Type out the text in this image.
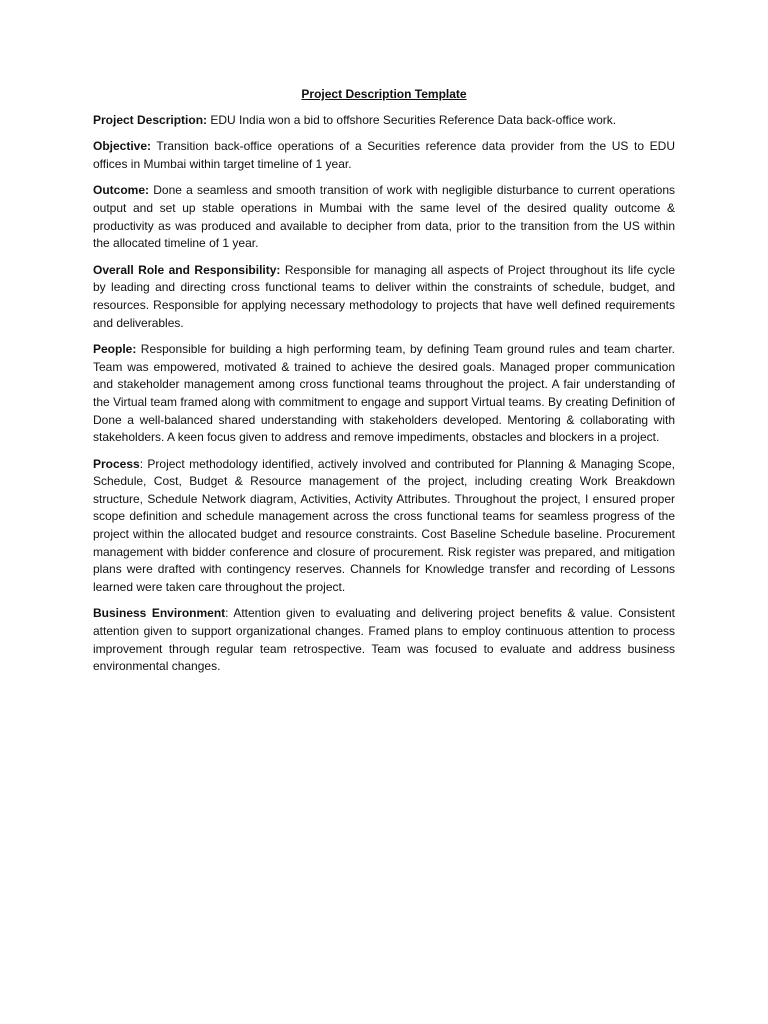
Project Description Template

Project Description: EDU India won a bid to offshore Securities Reference Data back-office work.

Objective: Transition back-office operations of a Securities reference data provider from the US to EDU offices in Mumbai within target timeline of 1 year.

Outcome: Done a seamless and smooth transition of work with negligible disturbance to current operations output and set up stable operations in Mumbai with the same level of the desired quality outcome & productivity as was produced and available to decipher from data, prior to the transition from the US within the allocated timeline of 1 year.

Overall Role and Responsibility: Responsible for managing all aspects of Project throughout its life cycle by leading and directing cross functional teams to deliver within the constraints of schedule, budget, and resources. Responsible for applying necessary methodology to projects that have well defined requirements and deliverables.

People: Responsible for building a high performing team, by defining Team ground rules and team charter. Team was empowered, motivated & trained to achieve the desired goals. Managed proper communication and stakeholder management among cross functional teams throughout the project. A fair understanding of the Virtual team framed along with commitment to engage and support Virtual teams. By creating Definition of Done a well-balanced shared understanding with stakeholders developed. Mentoring & collaborating with stakeholders. A keen focus given to address and remove impediments, obstacles and blockers in a project.

Process: Project methodology identified, actively involved and contributed for Planning & Managing Scope, Schedule, Cost, Budget & Resource management of the project, including creating Work Breakdown structure, Schedule Network diagram, Activities, Activity Attributes. Throughout the project, I ensured proper scope definition and schedule management across the cross functional teams for seamless progress of the project within the allocated budget and resource constraints. Cost Baseline Schedule baseline. Procurement management with bidder conference and closure of procurement. Risk register was prepared, and mitigation plans were drafted with contingency reserves. Channels for Knowledge transfer and recording of Lessons learned were taken care throughout the project.

Business Environment: Attention given to evaluating and delivering project benefits & value. Consistent attention given to support organizational changes. Framed plans to employ continuous attention to process improvement through regular team retrospective. Team was focused to evaluate and address business environmental changes.
